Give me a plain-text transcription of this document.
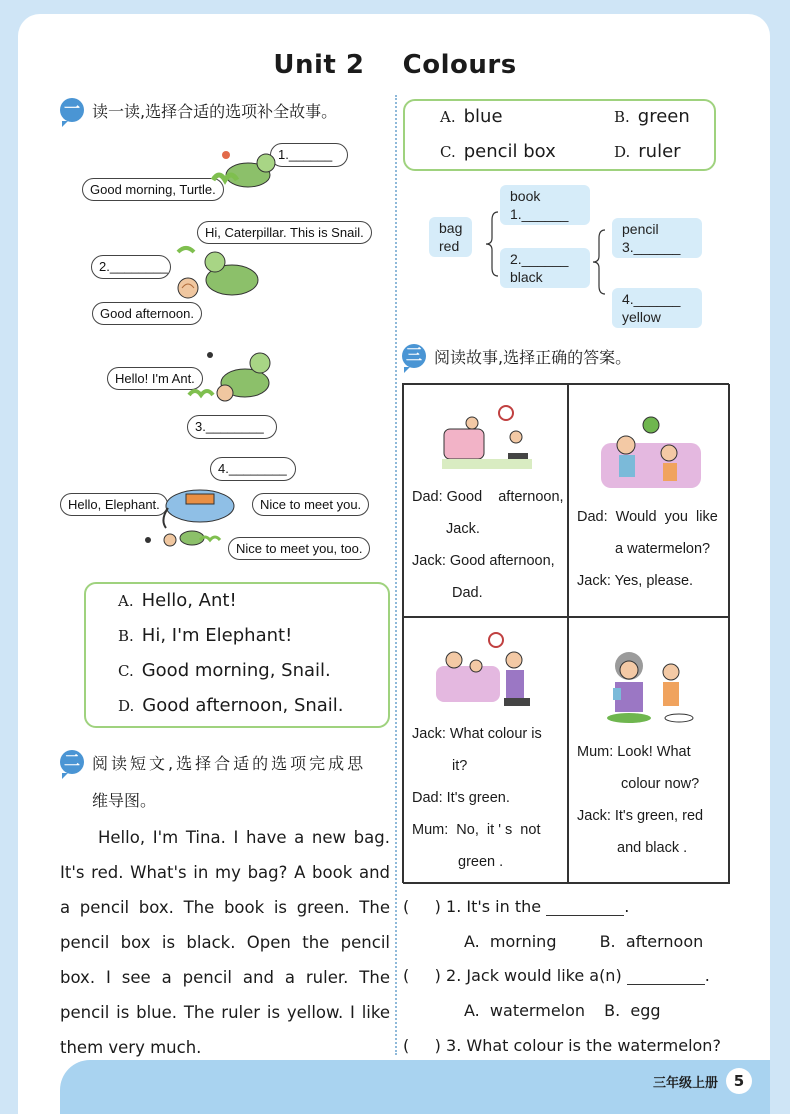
Unit 2    Colours
一 读一读,选择合适的选项补全故事。
1.______
Good morning, Turtle.
Hi, Caterpillar. This is Snail.
2.________
Good afternoon.
Hello! I'm Ant.
3.________
4.________
Hello, Elephant.	Nice to meet you.
Nice to meet you, too.
A. Hello, Ant!
B. Hi, I'm Elephant!
C. Good morning, Snail.
D. Good afternoon, Snail.
二 阅读短文,选择合适的选项完成思
维导图。
Hello, I'm Tina. I have a new bag. It's red. What's in my bag? A book and a pencil box. The book is green. The pencil box is black. Open the pencil box. I see a pencil and a ruler. The pencil is blue. The ruler is yellow. I like them very much.
A. blue	B. green
C. pencil box	D. ruler
bag
red
book
1.______
2.______
black
pencil
3.______
4.______
yellow
三 阅读故事,选择正确的答案。
Dad: Good    afternoon,
Jack.
Jack: Good afternoon,
Dad.
Dad:  Would  you  like
a watermelon?
Jack: Yes, please.
Jack: What colour is
it?
Dad: It's green.
Mum:  No,  it ' s  not
green .
Mum: Look! What
colour now?
Jack: It's green, red
and black .
(     ) 1. It's in the	.
A.  morning	B.  afternoon
(     ) 2. Jack would like a(n)	.
A.  watermelon B.  egg
(     ) 3. What colour is the watermelon?
三年级上册	5
